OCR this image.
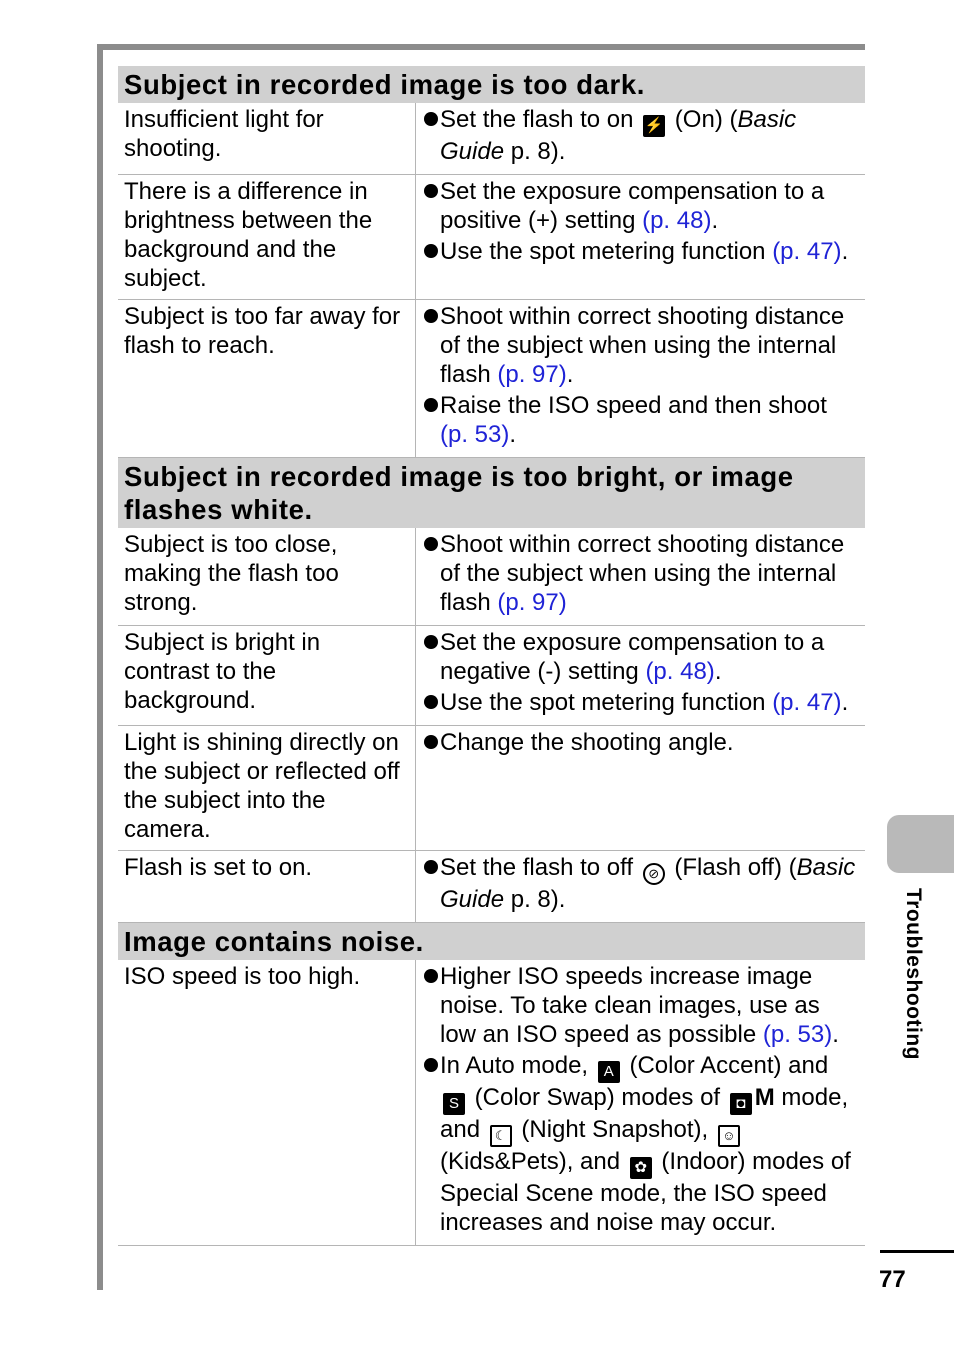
Subject in recorded image is too dark.
Insufficient light for shooting.
Set the flash to on ⚡ (On) (Basic Guide p. 8).
There is a difference in brightness between the background and the subject.
Set the exposure compensation to a positive (+) setting (p. 48).
Use the spot metering function (p. 47).
Subject is too far away for flash to reach.
Shoot within correct shooting distance of the subject when using the internal flash (p. 97).
Raise the ISO speed and then shoot (p. 53).
Subject in recorded image is too bright, or image flashes white.
Subject is too close, making the flash too strong.
Shoot within correct shooting distance of the subject when using the internal flash (p. 97)
Subject is bright in contrast to the background.
Set the exposure compensation to a negative (-) setting (p. 48).
Use the spot metering function (p. 47).
Light is shining directly on the subject or reflected off the subject into the camera.
Change the shooting angle.
Flash is set to on.	Set the flash to off ⊘ (Flash off) (Basic Guide p. 8).
Image contains noise.
ISO speed is too high.	Higher ISO speeds increase image noise. To take clean images, use as low an ISO speed as possible (p. 53).
In Auto mode, A (Color Accent) and S (Color Swap) modes of ◘ M mode, and ☾ (Night Snapshot), ☺ (Kids&Pets), and ✿ (Indoor) modes of Special Scene mode, the ISO speed increases and noise may occur.
Troubleshooting
77
